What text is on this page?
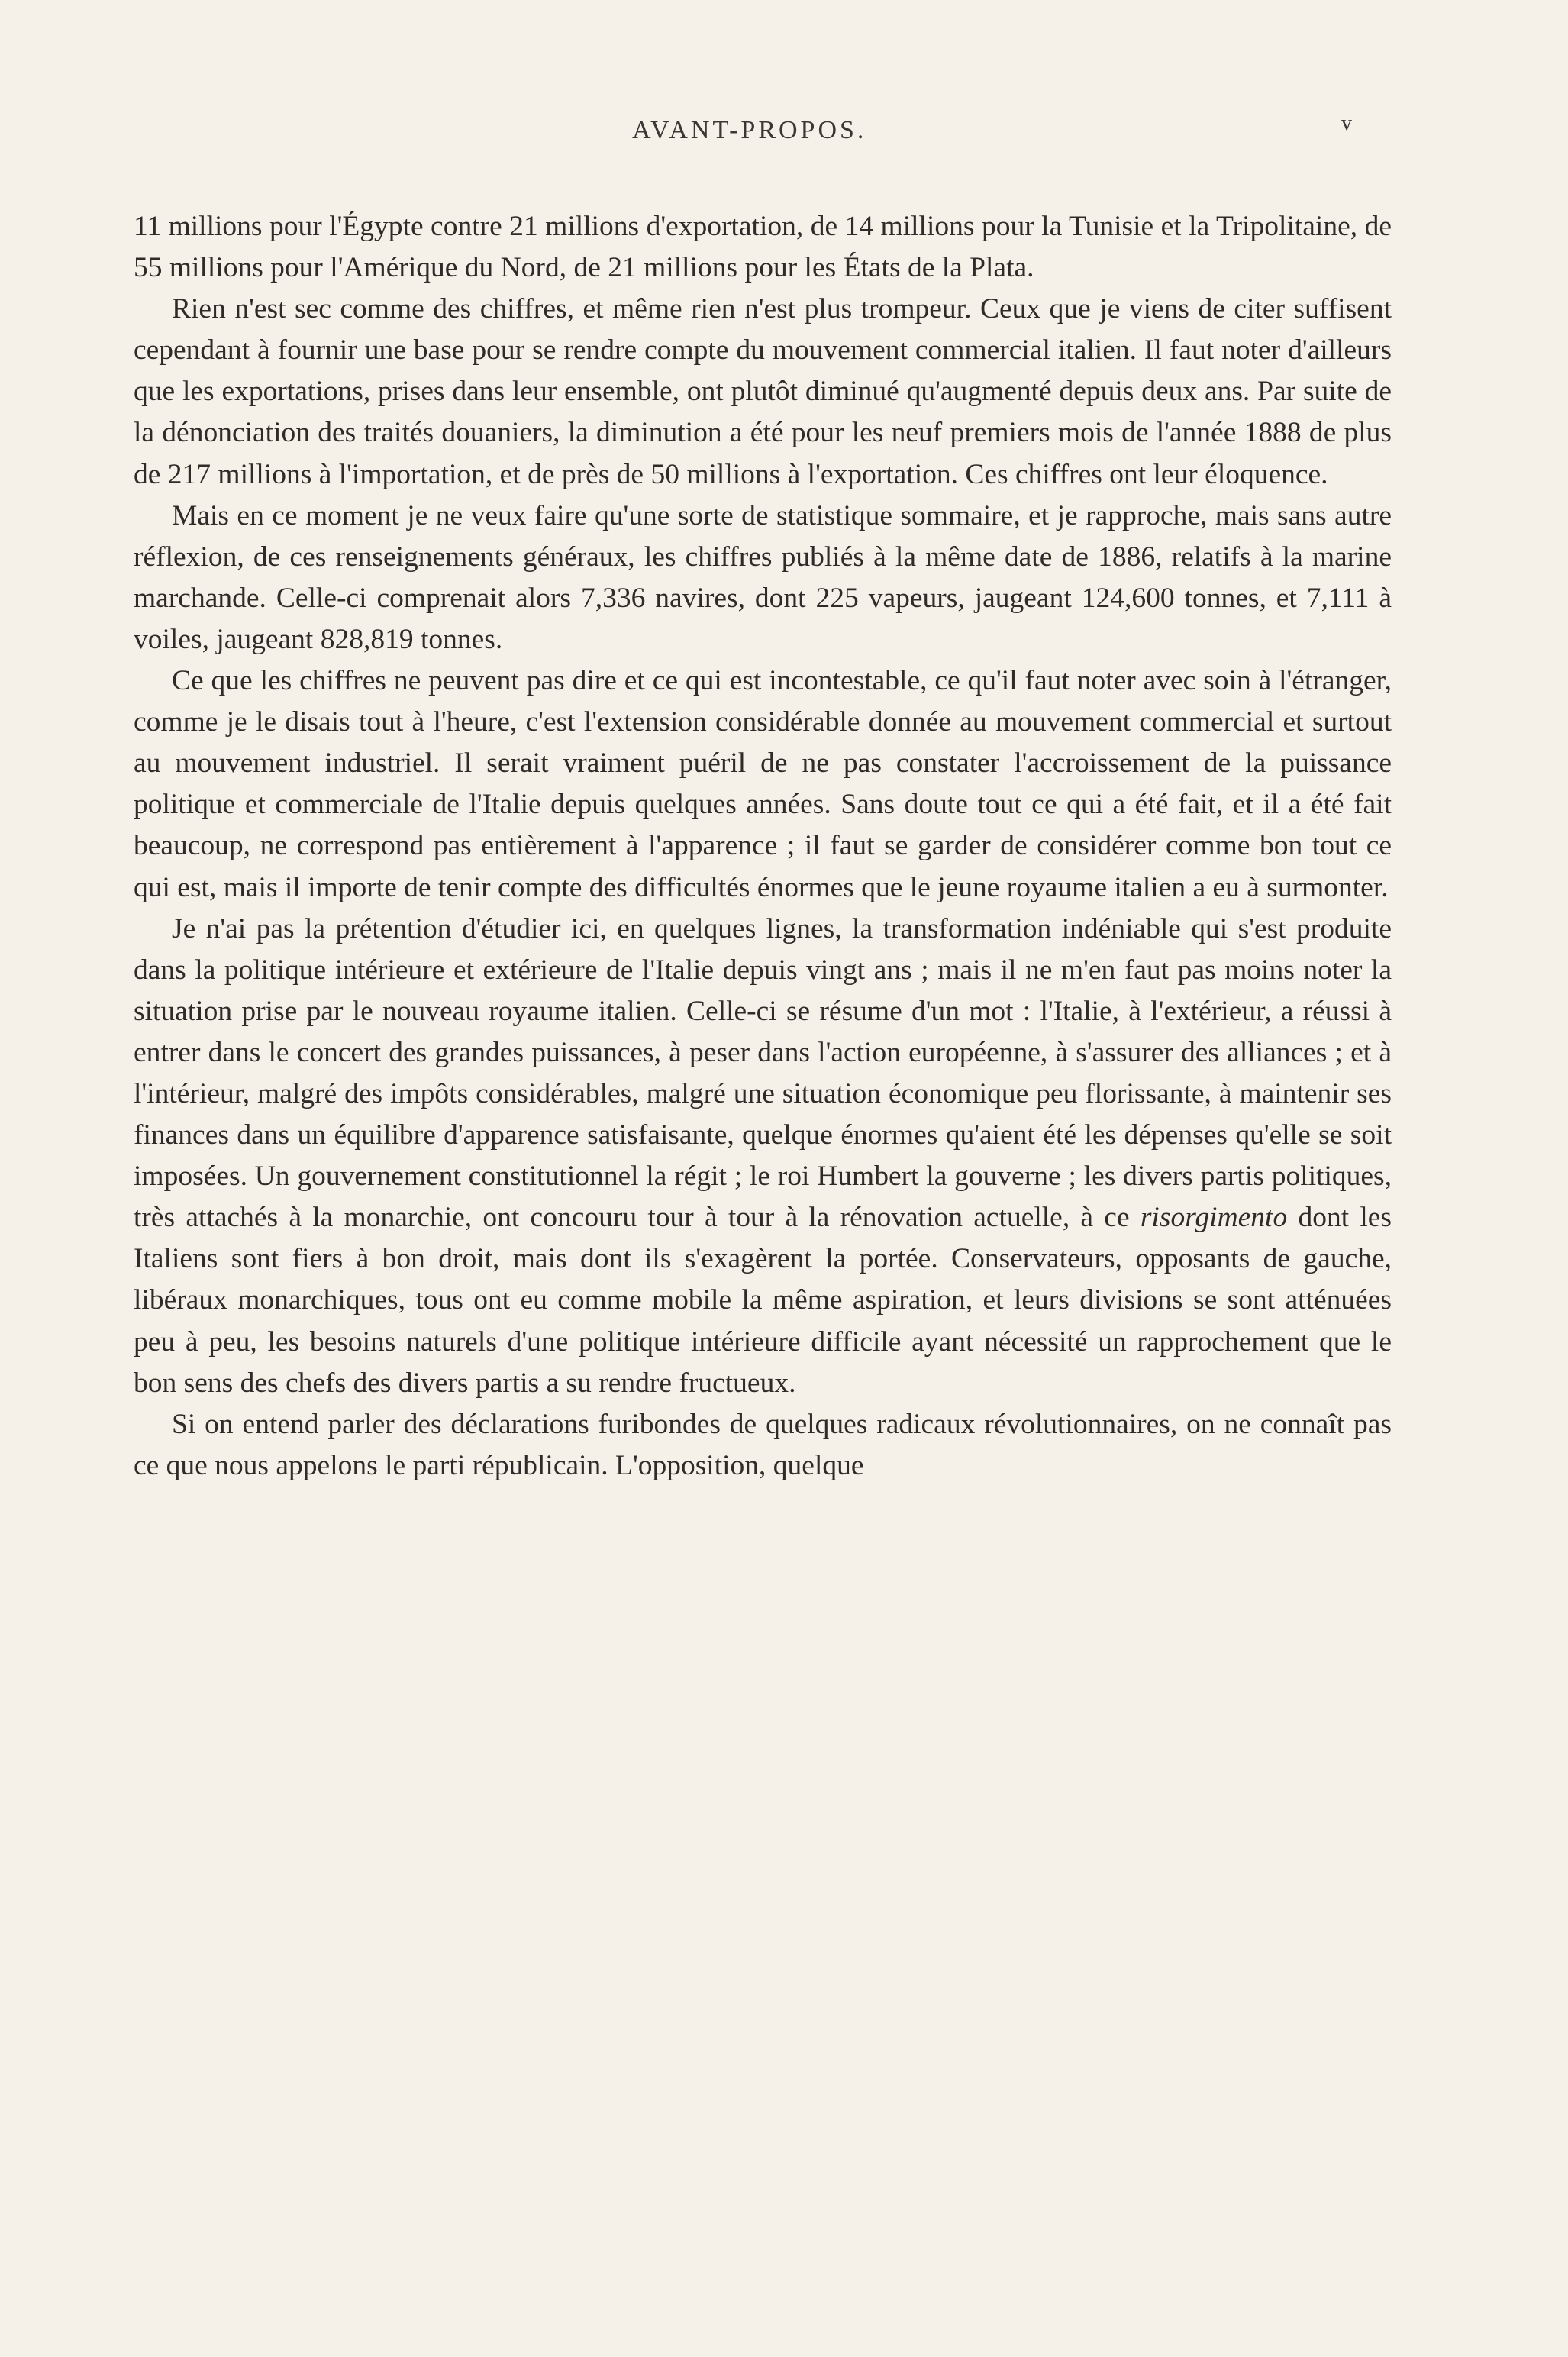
AVANT-PROPOS.	v

11 millions pour l'Égypte contre 21 millions d'exportation, de 14 millions pour la Tunisie et la Tripolitaine, de 55 millions pour l'Amérique du Nord, de 21 millions pour les États de la Plata.

Rien n'est sec comme des chiffres, et même rien n'est plus trompeur. Ceux que je viens de citer suffisent cependant à fournir une base pour se rendre compte du mouvement commercial italien. Il faut noter d'ailleurs que les exportations, prises dans leur ensemble, ont plutôt diminué qu'augmenté depuis deux ans. Par suite de la dénonciation des traités douaniers, la diminution a été pour les neuf premiers mois de l'année 1888 de plus de 217 millions à l'importation, et de près de 50 millions à l'exportation. Ces chiffres ont leur éloquence.

Mais en ce moment je ne veux faire qu'une sorte de statistique sommaire, et je rapproche, mais sans autre réflexion, de ces renseignements généraux, les chiffres publiés à la même date de 1886, relatifs à la marine marchande. Celle-ci comprenait alors 7,336 navires, dont 225 vapeurs, jaugeant 124,600 tonnes, et 7,111 à voiles, jaugeant 828,819 tonnes.

Ce que les chiffres ne peuvent pas dire et ce qui est incontestable, ce qu'il faut noter avec soin à l'étranger, comme je le disais tout à l'heure, c'est l'extension considérable donnée au mouvement commercial et surtout au mouvement industriel. Il serait vraiment puéril de ne pas constater l'accroissement de la puissance politique et commerciale de l'Italie depuis quelques années. Sans doute tout ce qui a été fait, et il a été fait beaucoup, ne correspond pas entièrement à l'apparence ; il faut se garder de considérer comme bon tout ce qui est, mais il importe de tenir compte des difficultés énormes que le jeune royaume italien a eu à surmonter.

Je n'ai pas la prétention d'étudier ici, en quelques lignes, la transformation indéniable qui s'est produite dans la politique intérieure et extérieure de l'Italie depuis vingt ans ; mais il ne m'en faut pas moins noter la situation prise par le nouveau royaume italien. Celle-ci se résume d'un mot : l'Italie, à l'extérieur, a réussi à entrer dans le concert des grandes puissances, à peser dans l'action européenne, à s'assurer des alliances ; et à l'intérieur, malgré des impôts considérables, malgré une situation économique peu florissante, à maintenir ses finances dans un équilibre d'apparence satisfaisante, quelque énormes qu'aient été les dépenses qu'elle se soit imposées. Un gouvernement constitutionnel la régit ; le roi Humbert la gouverne ; les divers partis politiques, très attachés à la monarchie, ont concouru tour à tour à la rénovation actuelle, à ce risorgimento dont les Italiens sont fiers à bon droit, mais dont ils s'exagèrent la portée. Conservateurs, opposants de gauche, libéraux monarchiques, tous ont eu comme mobile la même aspiration, et leurs divisions se sont atténuées peu à peu, les besoins naturels d'une politique intérieure difficile ayant nécessité un rapprochement que le bon sens des chefs des divers partis a su rendre fructueux.

Si on entend parler des déclarations furibondes de quelques radicaux révolutionnaires, on ne connaît pas ce que nous appelons le parti républicain. L'opposition, quelque
